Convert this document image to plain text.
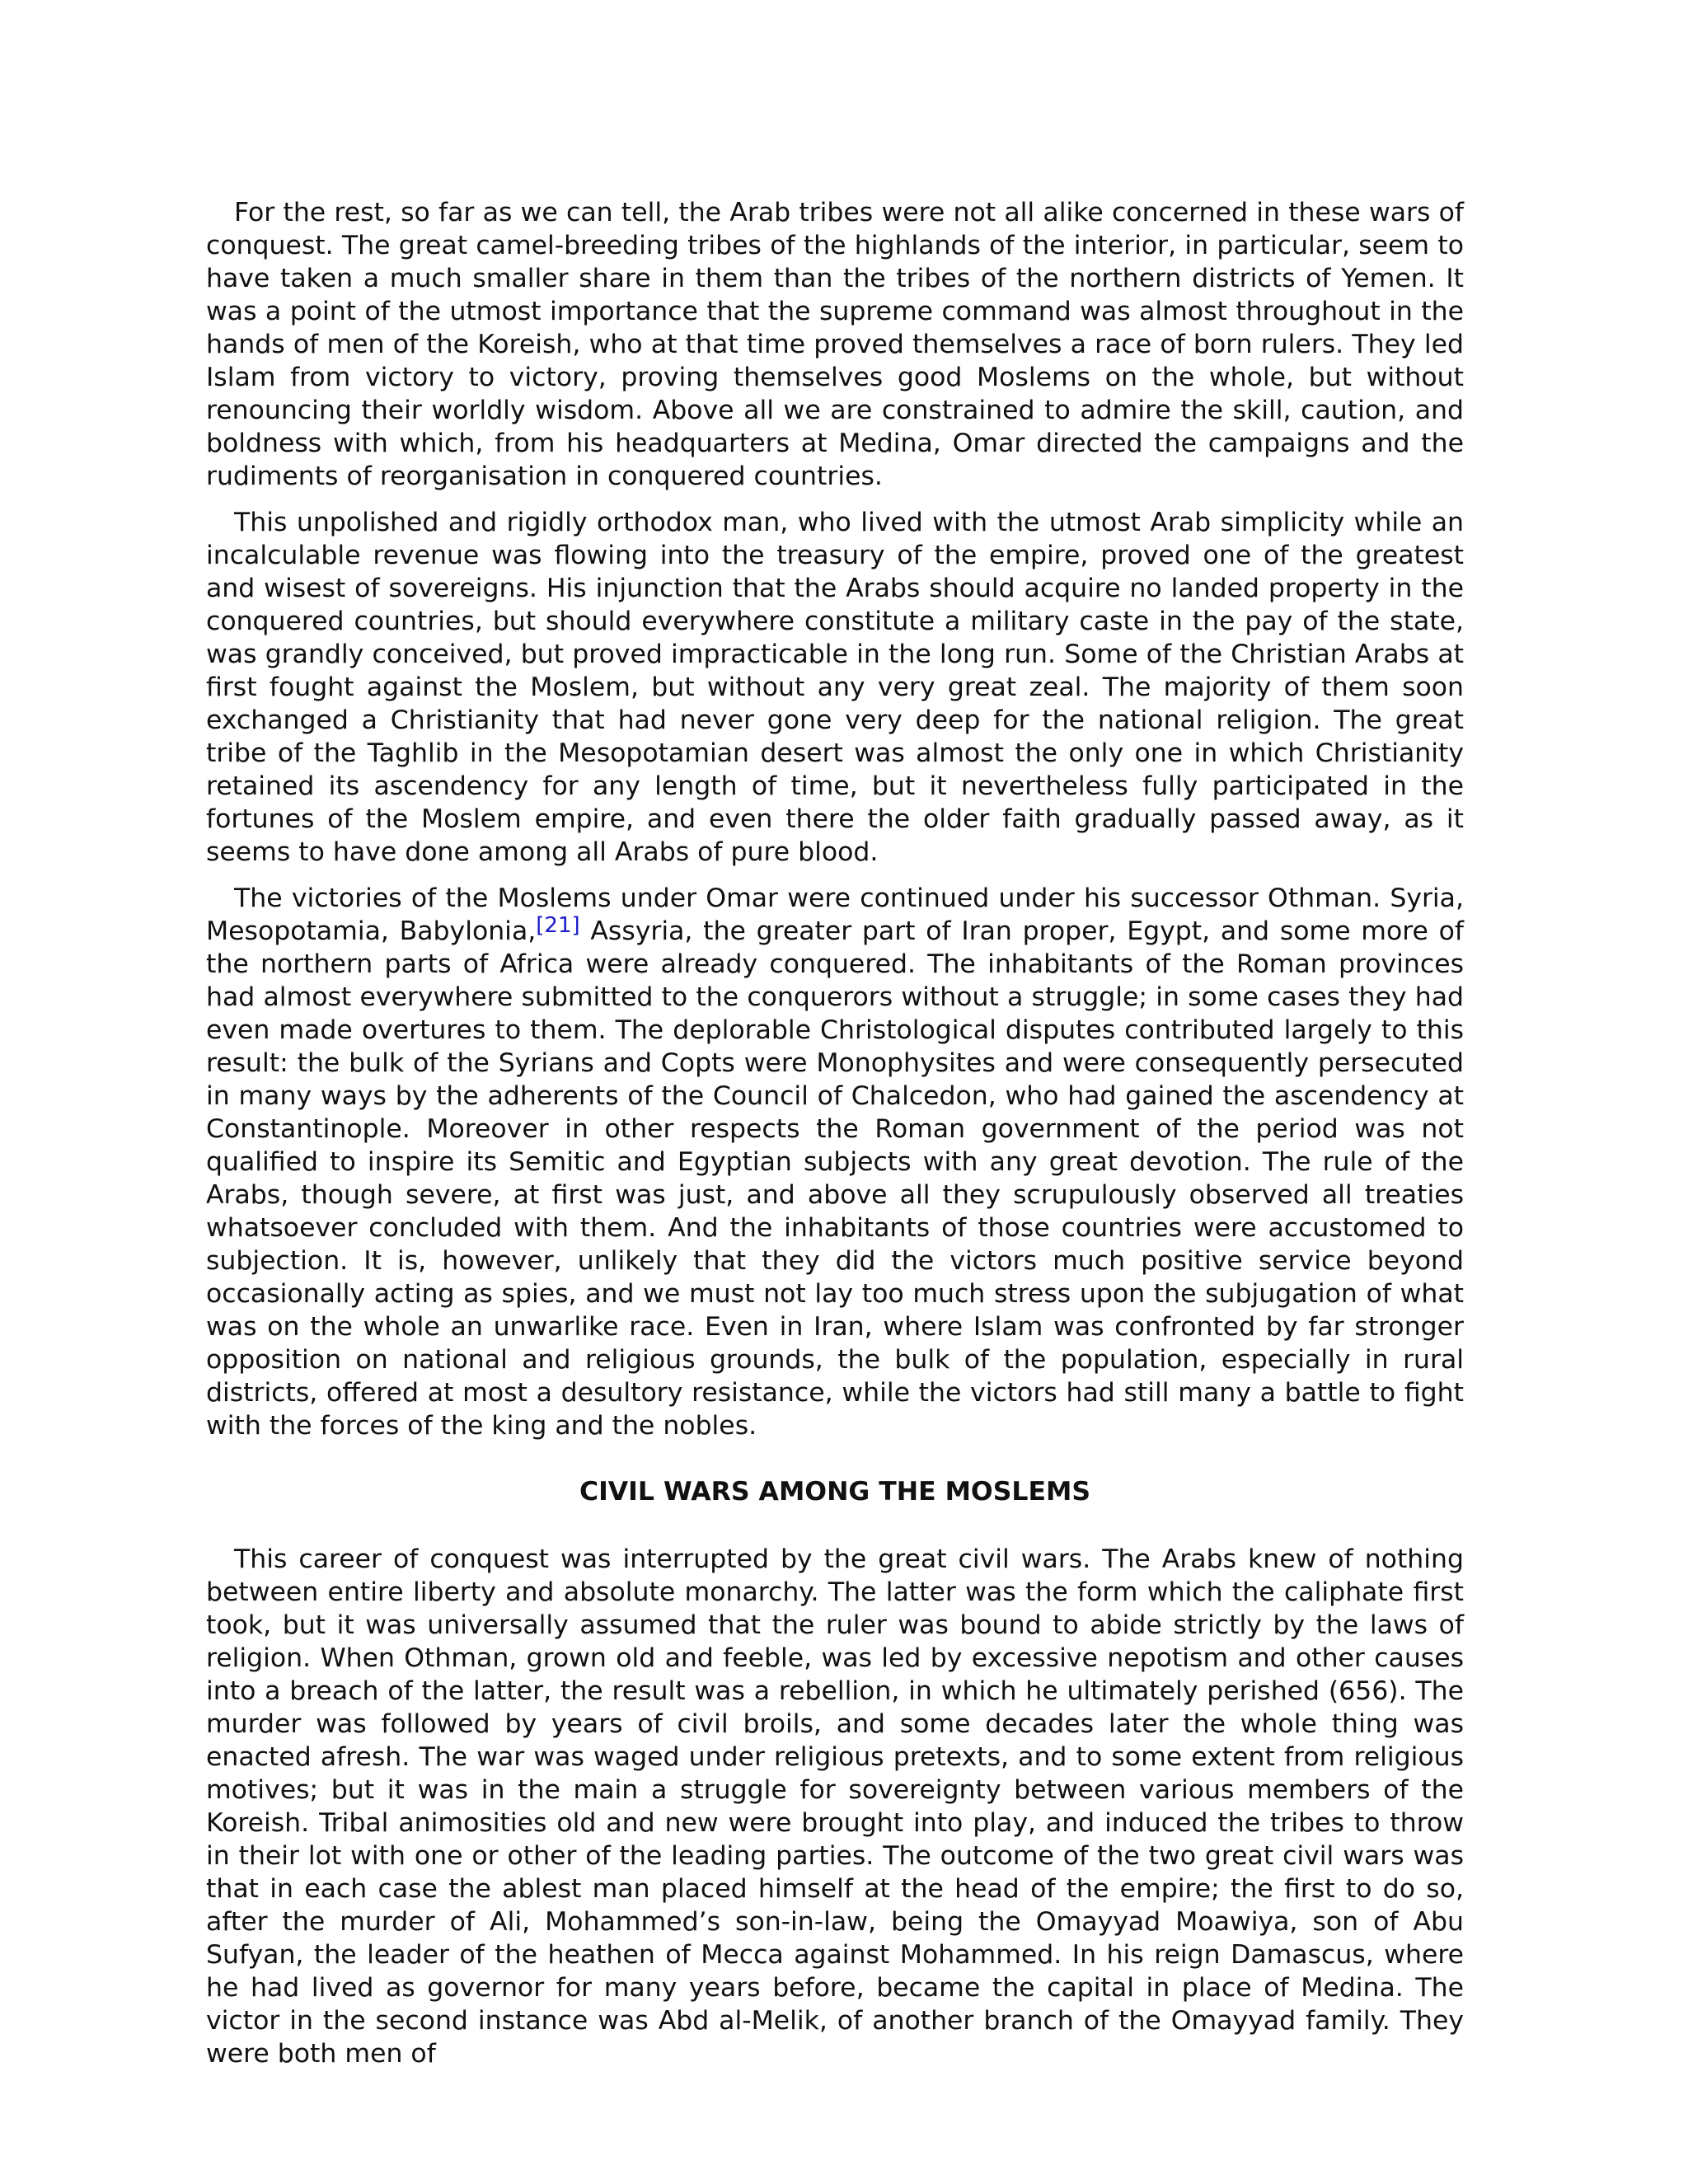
For the rest, so far as we can tell, the Arab tribes were not all alike concerned in these wars of conquest. The great camel-breeding tribes of the highlands of the interior, in particular, seem to have taken a much smaller share in them than the tribes of the northern districts of Yemen. It was a point of the utmost importance that the supreme command was almost throughout in the hands of men of the Koreish, who at that time proved themselves a race of born rulers. They led Islam from victory to victory, proving themselves good Moslems on the whole, but without renouncing their worldly wisdom. Above all we are constrained to admire the skill, caution, and boldness with which, from his headquarters at Medina, Omar directed the campaigns and the rudiments of reorganisation in conquered countries.

This unpolished and rigidly orthodox man, who lived with the utmost Arab simplicity while an incalculable revenue was flowing into the treasury of the empire, proved one of the greatest and wisest of sovereigns. His injunction that the Arabs should acquire no landed property in the conquered countries, but should everywhere constitute a military caste in the pay of the state, was grandly conceived, but proved impracticable in the long run. Some of the Christian Arabs at first fought against the Moslem, but without any very great zeal. The majority of them soon exchanged a Christianity that had never gone very deep for the national religion. The great tribe of the Taghlib in the Mesopotamian desert was almost the only one in which Christianity retained its ascendency for any length of time, but it nevertheless fully participated in the fortunes of the Moslem empire, and even there the older faith gradually passed away, as it seems to have done among all Arabs of pure blood.

The victories of the Moslems under Omar were continued under his successor Othman. Syria, Mesopotamia, Babylonia,[21] Assyria, the greater part of Iran proper, Egypt, and some more of the northern parts of Africa were already conquered. The inhabitants of the Roman provinces had almost everywhere submitted to the conquerors without a struggle; in some cases they had even made overtures to them. The deplorable Christological disputes contributed largely to this result: the bulk of the Syrians and Copts were Monophysites and were consequently persecuted in many ways by the adherents of the Council of Chalcedon, who had gained the ascendency at Constantinople. Moreover in other respects the Roman government of the period was not qualified to inspire its Semitic and Egyptian subjects with any great devotion. The rule of the Arabs, though severe, at first was just, and above all they scrupulously observed all treaties whatsoever concluded with them. And the inhabitants of those countries were accustomed to subjection. It is, however, unlikely that they did the victors much positive service beyond occasionally acting as spies, and we must not lay too much stress upon the subjugation of what was on the whole an unwarlike race. Even in Iran, where Islam was confronted by far stronger opposition on national and religious grounds, the bulk of the population, especially in rural districts, offered at most a desultory resistance, while the victors had still many a battle to fight with the forces of the king and the nobles.

CIVIL WARS AMONG THE MOSLEMS

This career of conquest was interrupted by the great civil wars. The Arabs knew of nothing between entire liberty and absolute monarchy. The latter was the form which the caliphate first took, but it was universally assumed that the ruler was bound to abide strictly by the laws of religion. When Othman, grown old and feeble, was led by excessive nepotism and other causes into a breach of the latter, the result was a rebellion, in which he ultimately perished (656). The murder was followed by years of civil broils, and some decades later the whole thing was enacted afresh. The war was waged under religious pretexts, and to some extent from religious motives; but it was in the main a struggle for sovereignty between various members of the Koreish. Tribal animosities old and new were brought into play, and induced the tribes to throw in their lot with one or other of the leading parties. The outcome of the two great civil wars was that in each case the ablest man placed himself at the head of the empire; the first to do so, after the murder of Ali, Mohammed’s son-in-law, being the Omayyad Moawiya, son of Abu Sufyan, the leader of the heathen of Mecca against Mohammed. In his reign Damascus, where he had lived as governor for many years before, became the capital in place of Medina. The victor in the second instance was Abd al-Melik, of another branch of the Omayyad family. They were both men of
